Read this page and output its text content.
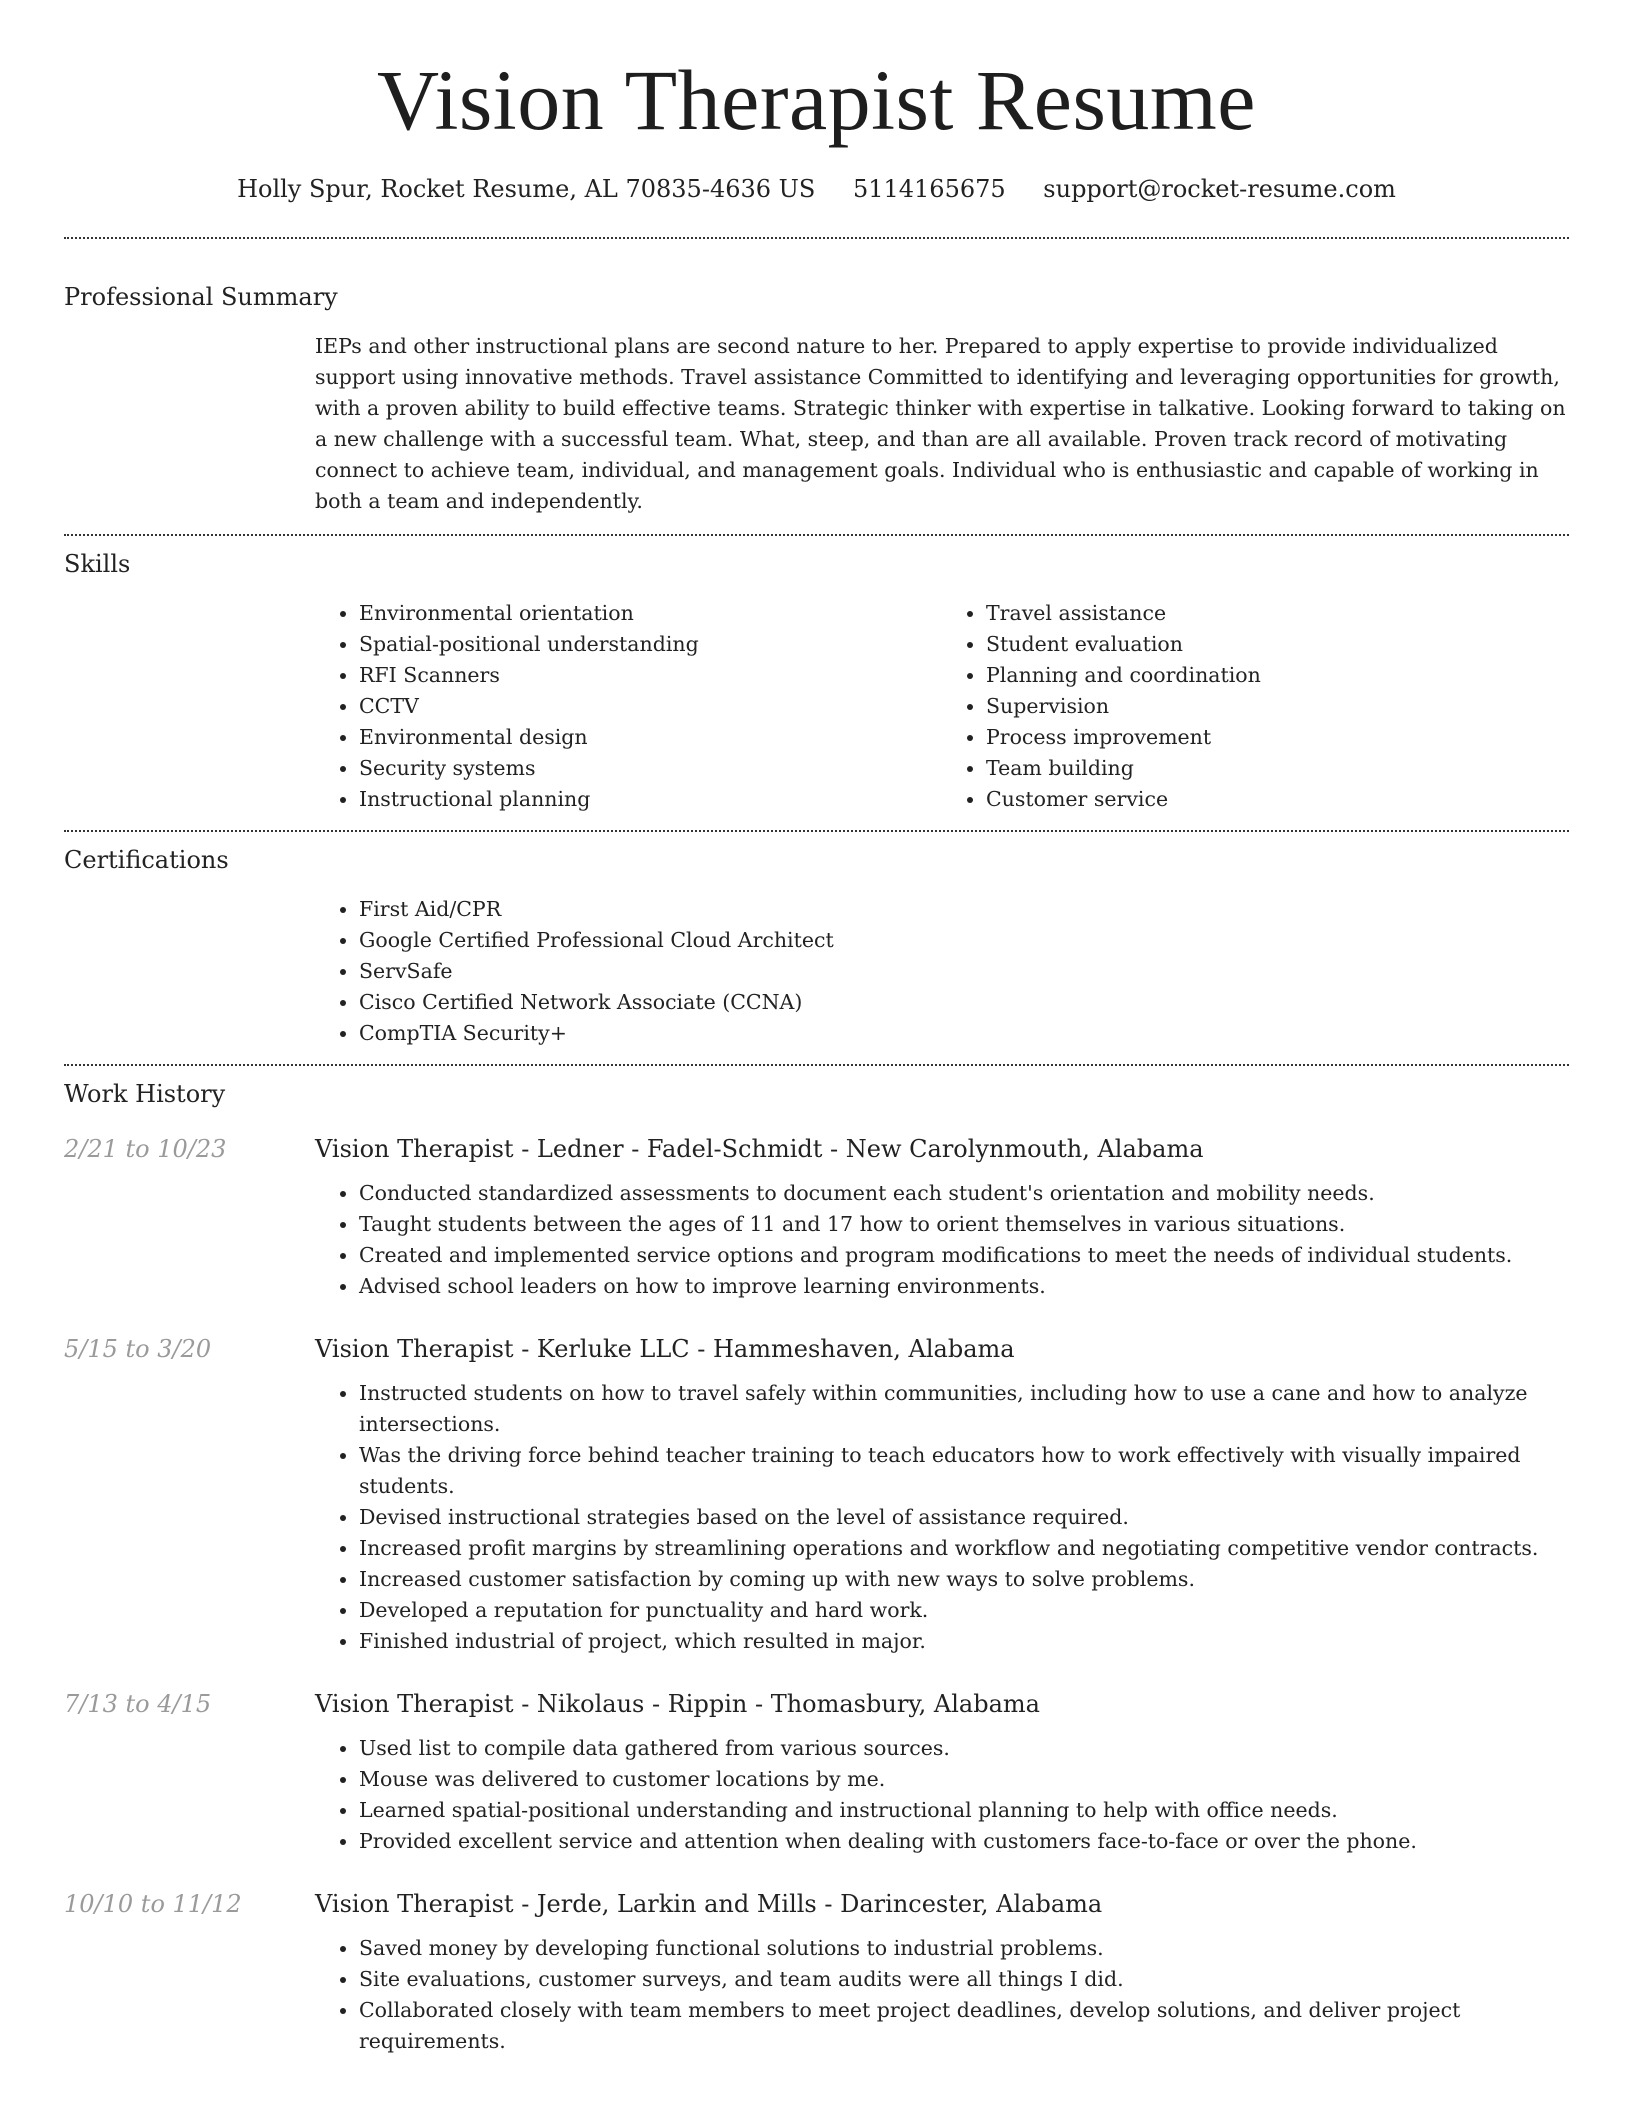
Vision Therapist Resume
Holly Spur, Rocket Resume, AL 70835-4636 US 5114165675 support@rocket-resume.com
Professional Summary

IEPs and other instructional plans are second nature to her. Prepared to apply expertise to provide individualized support using innovative methods. Travel assistance Committed to identifying and leveraging opportunities for growth, with a proven ability to build effective teams. Strategic thinker with expertise in talkative. Looking forward to taking on a new challenge with a successful team. What, steep, and than are all available. Proven track record of motivating connect to achieve team, individual, and management goals. Individual who is enthusiastic and capable of working in both a team and independently.

Skills
• Environmental orientation
• Spatial-positional understanding
• RFI Scanners
• CCTV
• Environmental design
• Security systems
• Instructional planning
• Travel assistance
• Student evaluation
• Planning and coordination
• Supervision
• Process improvement
• Team building
• Customer service
Certifications
• First Aid/CPR
• Google Certified Professional Cloud Architect
• ServSafe
• Cisco Certified Network Associate (CCNA)
• CompTIA Security+
Work History
2/21 to 10/23	Vision Therapist - Ledner - Fadel-Schmidt - New Carolynmouth, Alabama
• Conducted standardized assessments to document each student's orientation and mobility needs.
• Taught students between the ages of 11 and 17 how to orient themselves in various situations.
• Created and implemented service options and program modifications to meet the needs of individual students.
• Advised school leaders on how to improve learning environments.
5/15 to 3/20	Vision Therapist - Kerluke LLC - Hammeshaven, Alabama
• Instructed students on how to travel safely within communities, including how to use a cane and how to analyze intersections.
• Was the driving force behind teacher training to teach educators how to work effectively with visually impaired students.
• Devised instructional strategies based on the level of assistance required.
• Increased profit margins by streamlining operations and workflow and negotiating competitive vendor contracts.
• Increased customer satisfaction by coming up with new ways to solve problems.
• Developed a reputation for punctuality and hard work.
• Finished industrial of project, which resulted in major.
7/13 to 4/15	Vision Therapist - Nikolaus - Rippin - Thomasbury, Alabama
• Used list to compile data gathered from various sources.
• Mouse was delivered to customer locations by me.
• Learned spatial-positional understanding and instructional planning to help with office needs.
• Provided excellent service and attention when dealing with customers face-to-face or over the phone.
10/10 to 11/12	Vision Therapist - Jerde, Larkin and Mills - Darincester, Alabama
• Saved money by developing functional solutions to industrial problems.
• Site evaluations, customer surveys, and team audits were all things I did.
• Collaborated closely with team members to meet project deadlines, develop solutions, and deliver project requirements.
